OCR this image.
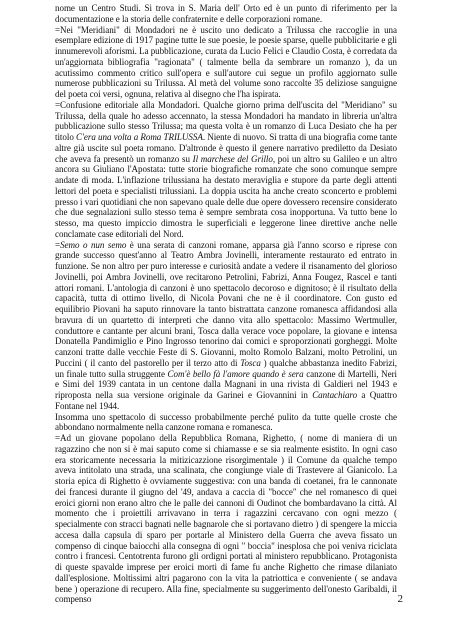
nome un Centro Studi. Si trova in S. Maria dell' Orto ed è un punto di riferimento per la documentazione e la storia delle confraternite e delle corporazioni romane.

=Nei "Meridiani" di Mondadori ne è uscito uno dedicato a Trilussa che raccoglie in una esemplare edizione di 1917 pagine tutte le sue poesie, le poesie sparse, quelle pubblicitarie e gli innumerevoli aforismi. La pubblicazione, curata da Lucio Felici e Claudio Costa, è corredata da un'aggiornata bibliografia "ragionata" ( talmente bella da sembrare un romanzo ), da un acutissimo commento critico sull'opera e sull'autore cui segue un profilo aggiornato sulle numerose pubblicazioni su Trilussa. Al metà del volume sono raccolte 35 deliziose sanguigne del poeta coi versi, ognuna, relativa al disegno che l'ha ispirata.

=Confusione editoriale alla Mondadori. Qualche giorno prima dell'uscita del "Meridiano" su Trilussa, della quale ho adesso accennato, la stessa Mondadori ha mandato in libreria un'altra pubblicazione sullo stesso Trilussa; ma questa volta è un romanzo di Luca Desiato che ha per titolo C'era una volta a Roma TRILUSSA. Niente di nuovo. Si tratta di una biografia come tante altre già uscite sul poeta romano. D'altronde è questo il genere narrativo prediletto da Desiato che aveva fa presentò un romanzo su Il marchese del Grillo, poi un altro su Galileo e un altro ancora su Giuliano l'Apostata: tutte storie biografiche romanzate che sono comunque sempre andate di moda. L'inflazione trilussiana ha destato meraviglia e stupore da parte degli attenti lettori del poeta e specialisti trilussiani. La doppia uscita ha anche creato sconcerto e problemi presso i vari quotidiani che non sapevano quale delle due opere dovessero recensire considerato che due segnalazioni sullo stesso tema è sempre sembrata cosa inopportuna. Va tutto bene lo stesso, ma questo impiccio dimostra le superficiali e leggerone linee direttive anche nelle conclamate case editoriali del Nord.

=Semo o nun semo è una serata di canzoni romane, apparsa già l'anno scorso e riprese con grande successo quest'anno al Teatro Ambra Jovinelli, interamente restaurato ed entrato in funzione. Se non altro per puro interesse e curiosità andate a vedere il risanamento del glorioso Jovinelli, poi Ambra Jovinelli, ove recitarono Petrolini, Fabrizi, Anna Fougez, Rascel e tanti attori romani. L'antologia di canzoni è uno spettacolo decoroso e dignitoso; è il risultato della capacità, tutta di ottimo livello, di Nicola Povani che ne è il coordinatore. Con gusto ed equilibrio Piovani ha saputo rinnovare la tanto bistrattata canzone romanesca affidandosi alla bravura di un quartetto di interpreti che danno vita allo spettacolo: Massimo Wertmuller, conduttore e cantante per alcuni brani, Tosca dalla verace voce popolare, la giovane e intensa Donatella Pandimiglio e Pino Ingrosso tenorino dai comici e sproporzionati gorgheggi. Molte canzoni tratte dalle vecchie Feste di S. Giovanni, molto Romolo Balzani, molto Petrolini, un Puccini ( il canto del pastorello per il terzo atto di Tosca ) qualche abbastanza inedito Fabrizi, un finale tutto sulla struggente Com'è bello fà l'amore quando è sera canzone di Martelli, Neri e Simi del 1939 cantata in un centone dalla Magnani in una rivista di Galdieri nel 1943 e riproposta nella sua versione originale da Garinei e Giovannini in Cantachiaro a Quattro Fontane nel 1944.

Insomma uno spettacolo di successo probabilmente perché pulito da tutte quelle croste che abbondano normalmente nella canzone romana e romanesca.

=Ad un giovane popolano della Repubblica Romana, Righetto, ( nome di maniera di un ragazzino che non si è mai saputo come si chiamasse e se sia realmente esistito. In ogni caso era storicamente necessaria la mitizicazzione risorgimentale ) il Comune da qualche tempo aveva intitolato una strada, una scalinata, che congiunge viale di Trastevere al Gianicolo. La storia epica di Righetto è ovviamente suggestiva: con una banda di coetanei, fra le cannonate dei francesi durante il giugno del '49, andava a caccia di "bocce" che nel romanesco di quei eroici giorni non erano altro che le palle dei cannoni di Oudinot che bombardavano la città. Al momento che i proiettili arrivavano in terra i ragazzini cercavano con ogni mezzo ( specialmente con stracci bagnati nelle bagnarole che si portavano dietro ) di spengere la miccia accesa dalla capsula di sparo per portarle al Ministero della Guerra che aveva fissato un compenso di cinque baiocchi alla consegna di ogni " boccia" inesplosa che poi veniva riciclata contro i francesi. Centotrenta furono gli ordigni portati al ministero repubblicano. Protagonista di queste spavalde imprese per eroici morti di fame fu anche Righetto che rimase dilaniato dall'esplosione. Moltissimi altri pagarono con la vita la patriottica e conveniente ( se andava bene ) operazione di recupero. Alla fine, specialmente su suggerimento dell'onesto Garibaldi, il compenso	2
